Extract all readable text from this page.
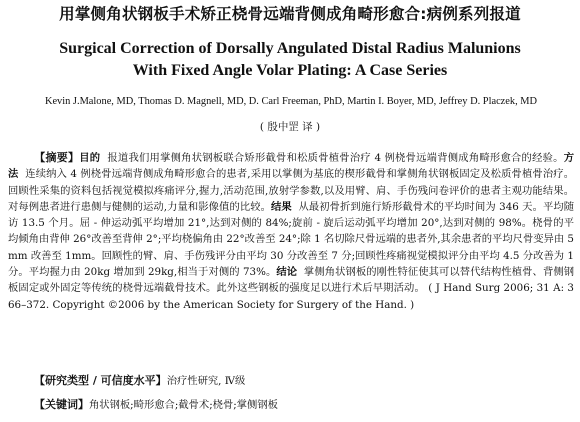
用掌侧角状钢板手术矫正桡骨远端背侧成角畸形愈合:病例系列报道
Surgical Correction of Dorsally Angulated Distal Radius Malunions
With Fixed Angle Volar Plating: A Case Series
Kevin J.Malone, MD, Thomas D. Magnell, MD, D. Carl Freeman, PhD, Martin I. Boyer, MD, Jeffrey D. Placzek, MD
( 殷中罡 译 )

【摘要】目的 报道我们用掌侧角状钢板联合矫形截骨和松质骨植骨治疗 4 例桡骨远端背侧成角畸形愈合的经验。方法 连续纳入 4 例桡骨远端背侧成角畸形愈合的患者,采用以掌侧为基底的楔形截骨和掌侧角状钢板固定及松质骨植骨治疗。回顾性采集的资料包括视觉模拟疼痛评分,握力,活动范围,放射学参数,以及用臂、肩、手伤残问卷评价的患者主观功能结果。对每例患者进行患侧与健侧的运动,力量和影像值的比较。结果 从最初骨折到施行矫形截骨术的平均时间为 346 天。平均随访 13.5 个月。屈 - 伸运动弧平均增加 21°,达到对侧的 84%;旋前 - 旋后运动弧平均增加 20°,达到对侧的 98%。桡骨的平均倾角由背伸 26°改善至背伸 2°;平均桡偏角由 22°改善至 24°;除 1 名切除尺骨远端的患者外,其余患者的平均尺骨变异由 5mm 改善至 1mm。回顾性的臂、肩、手伤残评分由平均 30 分改善至 7 分;回顾性疼痛视觉模拟评分由平均 4.5 分改善为 1 分。平均握力由 20kg 增加到 29kg,相当于对侧的 73%。结论 掌侧角状钢板的刚性特征使其可以替代结构性植骨、背侧钢板固定或外固定等传统的桡骨远端截骨技术。此外这些钢板的强度足以进行术后早期活动。 ( J Hand Surg 2006; 31 A: 366–372. Copyright ©2006 by the American Society for Surgery of the Hand. )

【研究类型 / 可信度水平】治疗性研究, Ⅳ级
【关键词】角状钢板;畸形愈合;截骨术;桡骨;掌侧钢板
